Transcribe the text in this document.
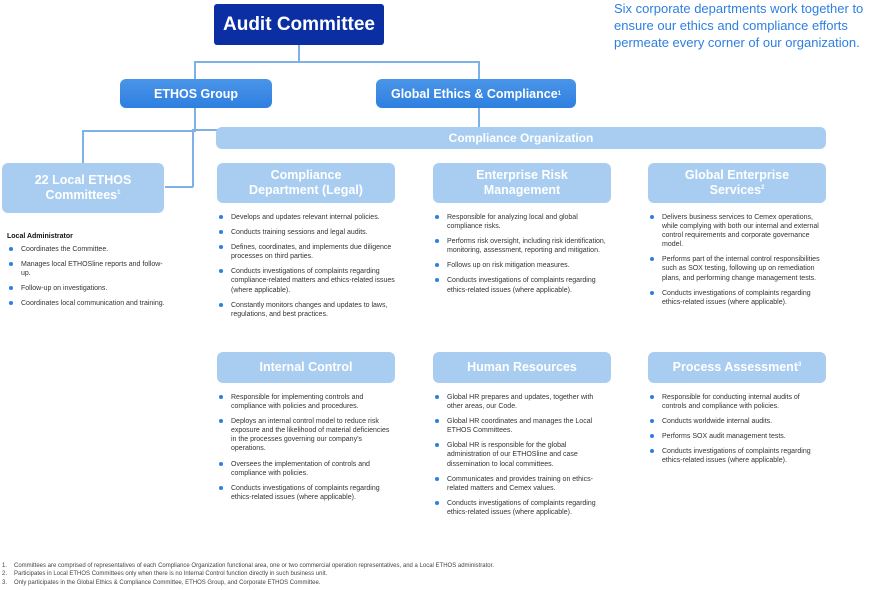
Six corporate departments work together to ensure our ethics and compliance efforts permeate every corner of our organization.
Audit Committee
ETHOS Group	Global Ethics & Compliance 1
Compliance Organization
22 Local ETHOS Committees$^1$
Local Administrator
Coordinates the Committee.
Manages local ETHOSline reports and follow-up.
Follow-up on investigations.
Coordinates local communication and training.
Compliance Department (Legal)
Develops and updates relevant internal policies.
Conducts training sessions and legal audits.
Defines, coordinates, and implements due diligence processes on third parties.
Conducts investigations of complaints regarding compliance-related matters and ethics-related issues (where applicable).
Constantly monitors changes and updates to laws, regulations, and best practices.
Enterprise Risk Management
Responsible for analyzing local and global compliance risks.
Performs risk oversight, including risk identification, monitoring, assessment, reporting and mitigation.
Follows up on risk mitigation measures.
Conducts investigations of complaints regarding ethics-related issues (where applicable).
Global Enterprise Services$^2$
Delivers business services to Cemex operations, while complying with both our internal and external control requirements and corporate governance model.
Performs part of the internal control responsibilities such as SOX testing, following up on remediation plans, and performing change management tests.
Conducts investigations of complaints regarding ethics-related issues (where applicable).
Internal Control
Responsible for implementing controls and compliance with policies and procedures.
Deploys an internal control model to reduce risk exposure and the likelihood of material deficiencies in the processes governing our company's operations.
Oversees the implementation of controls and compliance with policies.
Conducts investigations of complaints regarding ethics-related issues (where applicable).
Human Resources
Global HR prepares and updates, together with other areas, our Code.
Global HR coordinates and manages the Local ETHOS Committees.
Global HR is responsible for the global administration of our ETHOSline and case dissemination to local committees.
Communicates and provides training on ethics-related matters and Cemex values.
Conducts investigations of complaints regarding ethics-related issues (where applicable).
Process Assessment$^3$
Responsible for conducting internal audits of controls and compliance with policies.
Conducts worldwide internal audits.
Performs SOX audit management tests.
Conducts investigations of complaints regarding ethics-related issues (where applicable).
1.	Committees are comprised of representatives of each Compliance Organization functional area, one or two commercial operation representatives, and a Local ETHOS administrator.
2.	Participates in Local ETHOS Committees only when there is no Internal Control function directly in such business unit.
3.	Only participates in the Global Ethics & Compliance Committee, ETHOS Group, and Corporate ETHOS Committee.
